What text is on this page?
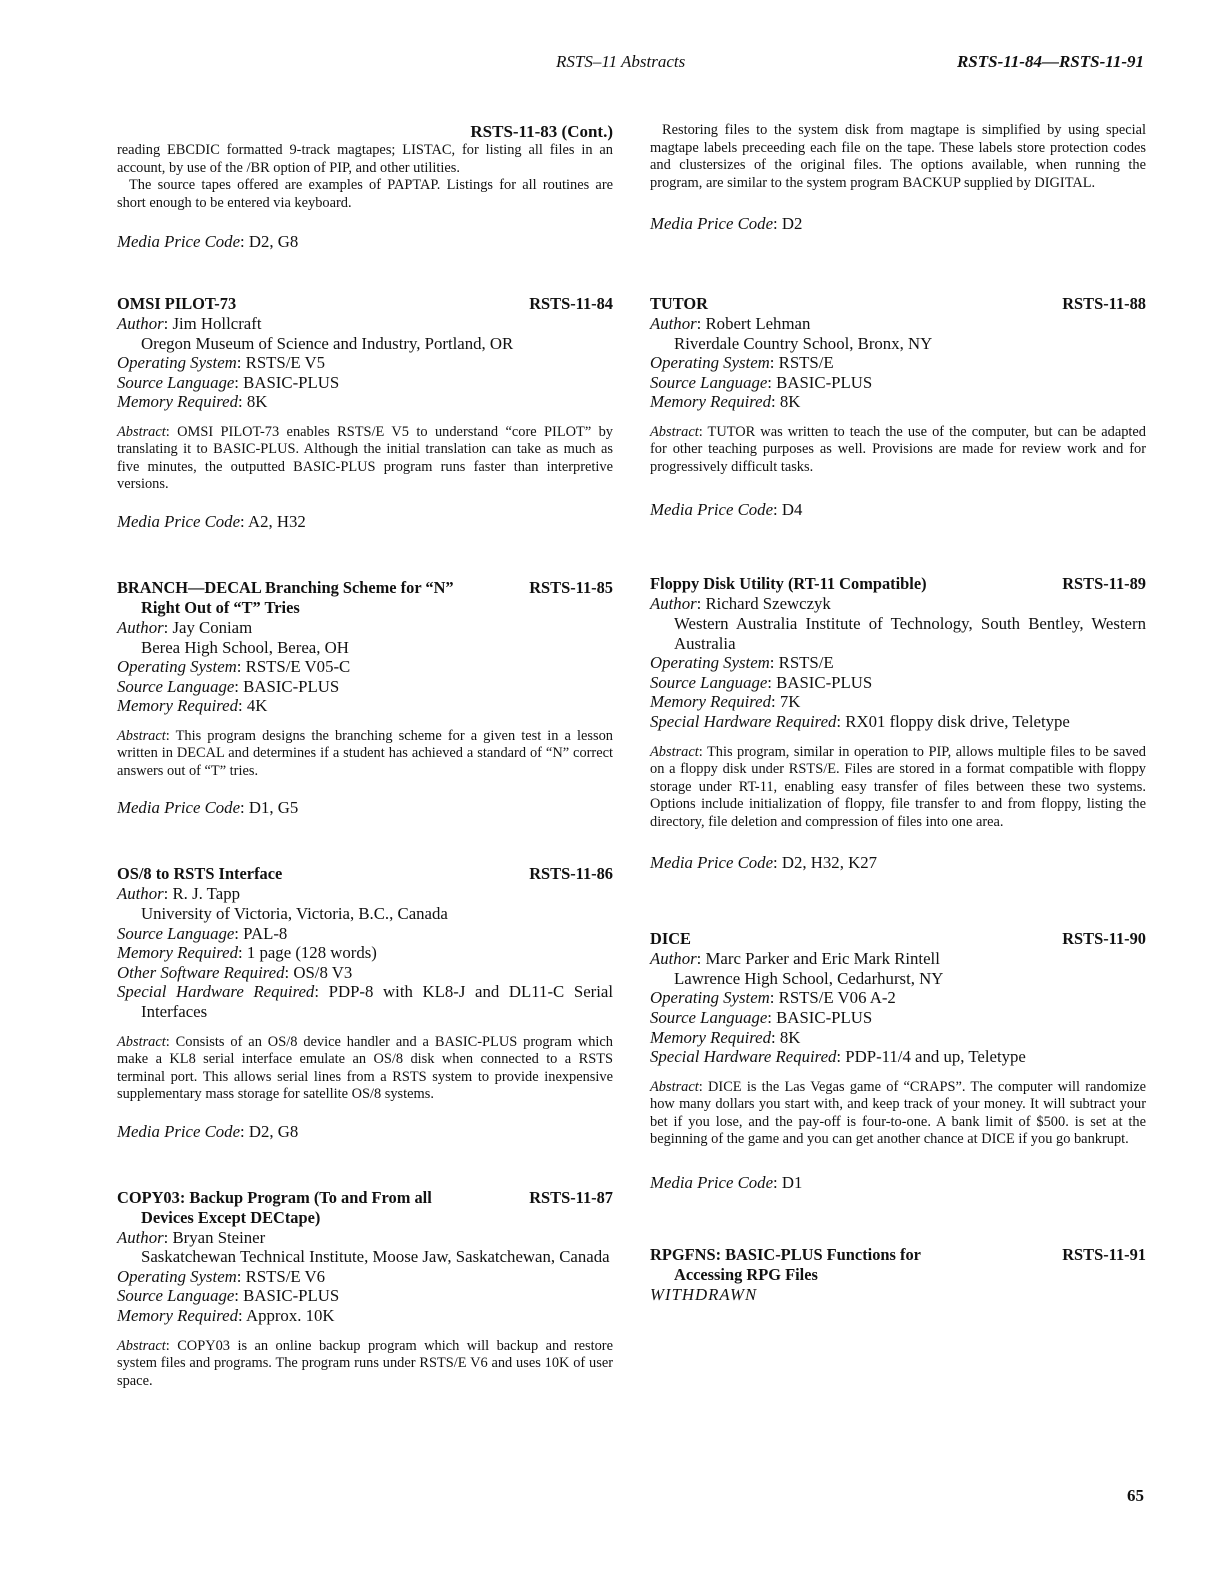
RSTS–11 Abstracts	RSTS-11-84—RSTS-11-91
RSTS-11-83 (Cont.)

reading EBCDIC formatted 9-track magtapes; LISTAC, for listing all files in an account, by use of the /BR option of PIP, and other utilities.

The source tapes offered are examples of PAPTAP. Listings for all routines are short enough to be entered via keyboard.

Media Price Code: D2, G8
OMSI PILOT-73	RSTS-11-84
Author: Jim Hollcraft
Oregon Museum of Science and Industry, Portland, OR
Operating System: RSTS/E V5
Source Language: BASIC-PLUS
Memory Required: 8K

Abstract: OMSI PILOT-73 enables RSTS/E V5 to understand “core PILOT” by translating it to BASIC-PLUS. Although the initial translation can take as much as five minutes, the outputted BASIC-PLUS program runs faster than interpretive versions.

Media Price Code: A2, H32
BRANCH—DECAL Branching Scheme for “N”
Right Out of “T” Tries
RSTS-11-85
Author: Jay Coniam
Berea High School, Berea, OH
Operating System: RSTS/E V05-C
Source Language: BASIC-PLUS
Memory Required: 4K

Abstract: This program designs the branching scheme for a given test in a lesson written in DECAL and determines if a student has achieved a standard of “N” correct answers out of “T” tries.

Media Price Code: D1, G5
OS/8 to RSTS Interface	RSTS-11-86
Author: R. J. Tapp
University of Victoria, Victoria, B.C., Canada
Source Language: PAL-8
Memory Required: 1 page (128 words)
Other Software Required: OS/8 V3
Special Hardware Required: PDP-8 with KL8-J and DL11-C Serial Interfaces

Abstract: Consists of an OS/8 device handler and a BASIC-PLUS program which make a KL8 serial interface emulate an OS/8 disk when connected to a RSTS terminal port. This allows serial lines from a RSTS system to provide inexpensive supplementary mass storage for satellite OS/8 systems.

Media Price Code: D2, G8
COPY03: Backup Program (To and From all
Devices Except DECtape)
RSTS-11-87
Author: Bryan Steiner
Saskatchewan Technical Institute, Moose Jaw, Saskatchewan, Canada
Operating System: RSTS/E V6
Source Language: BASIC-PLUS
Memory Required: Approx. 10K

Abstract: COPY03 is an online backup program which will backup and restore system files and programs. The program runs under RSTS/E V6 and uses 10K of user space.

Restoring files to the system disk from magtape is simplified by using special magtape labels preceeding each file on the tape. These labels store protection codes and clustersizes of the original files. The options available, when running the program, are similar to the system program BACKUP supplied by DIGITAL.

Media Price Code: D2
TUTOR	RSTS-11-88
Author: Robert Lehman
Riverdale Country School, Bronx, NY
Operating System: RSTS/E
Source Language: BASIC-PLUS
Memory Required: 8K

Abstract: TUTOR was written to teach the use of the computer, but can be adapted for other teaching purposes as well. Provisions are made for review work and for progressively difficult tasks.

Media Price Code: D4
Floppy Disk Utility (RT-11 Compatible)	RSTS-11-89
Author: Richard Szewczyk
Western Australia Institute of Technology, South Bentley, Western Australia
Operating System: RSTS/E
Source Language: BASIC-PLUS
Memory Required: 7K
Special Hardware Required: RX01 floppy disk drive, Teletype

Abstract: This program, similar in operation to PIP, allows multiple files to be saved on a floppy disk under RSTS/E. Files are stored in a format compatible with floppy storage under RT-11, enabling easy transfer of files between these two systems. Options include initialization of floppy, file transfer to and from floppy, listing the directory, file deletion and compression of files into one area.

Media Price Code: D2, H32, K27
DICE	RSTS-11-90
Author: Marc Parker and Eric Mark Rintell
Lawrence High School, Cedarhurst, NY
Operating System: RSTS/E V06 A-2
Source Language: BASIC-PLUS
Memory Required: 8K
Special Hardware Required: PDP-11/4 and up, Teletype

Abstract: DICE is the Las Vegas game of “CRAPS”. The computer will randomize how many dollars you start with, and keep track of your money. It will subtract your bet if you lose, and the pay-off is four-to-one. A bank limit of $500. is set at the beginning of the game and you can get another chance at DICE if you go bankrupt.

Media Price Code: D1
RPGFNS: BASIC-PLUS Functions for
Accessing RPG Files
RSTS-11-91
WITHDRAWN
65
